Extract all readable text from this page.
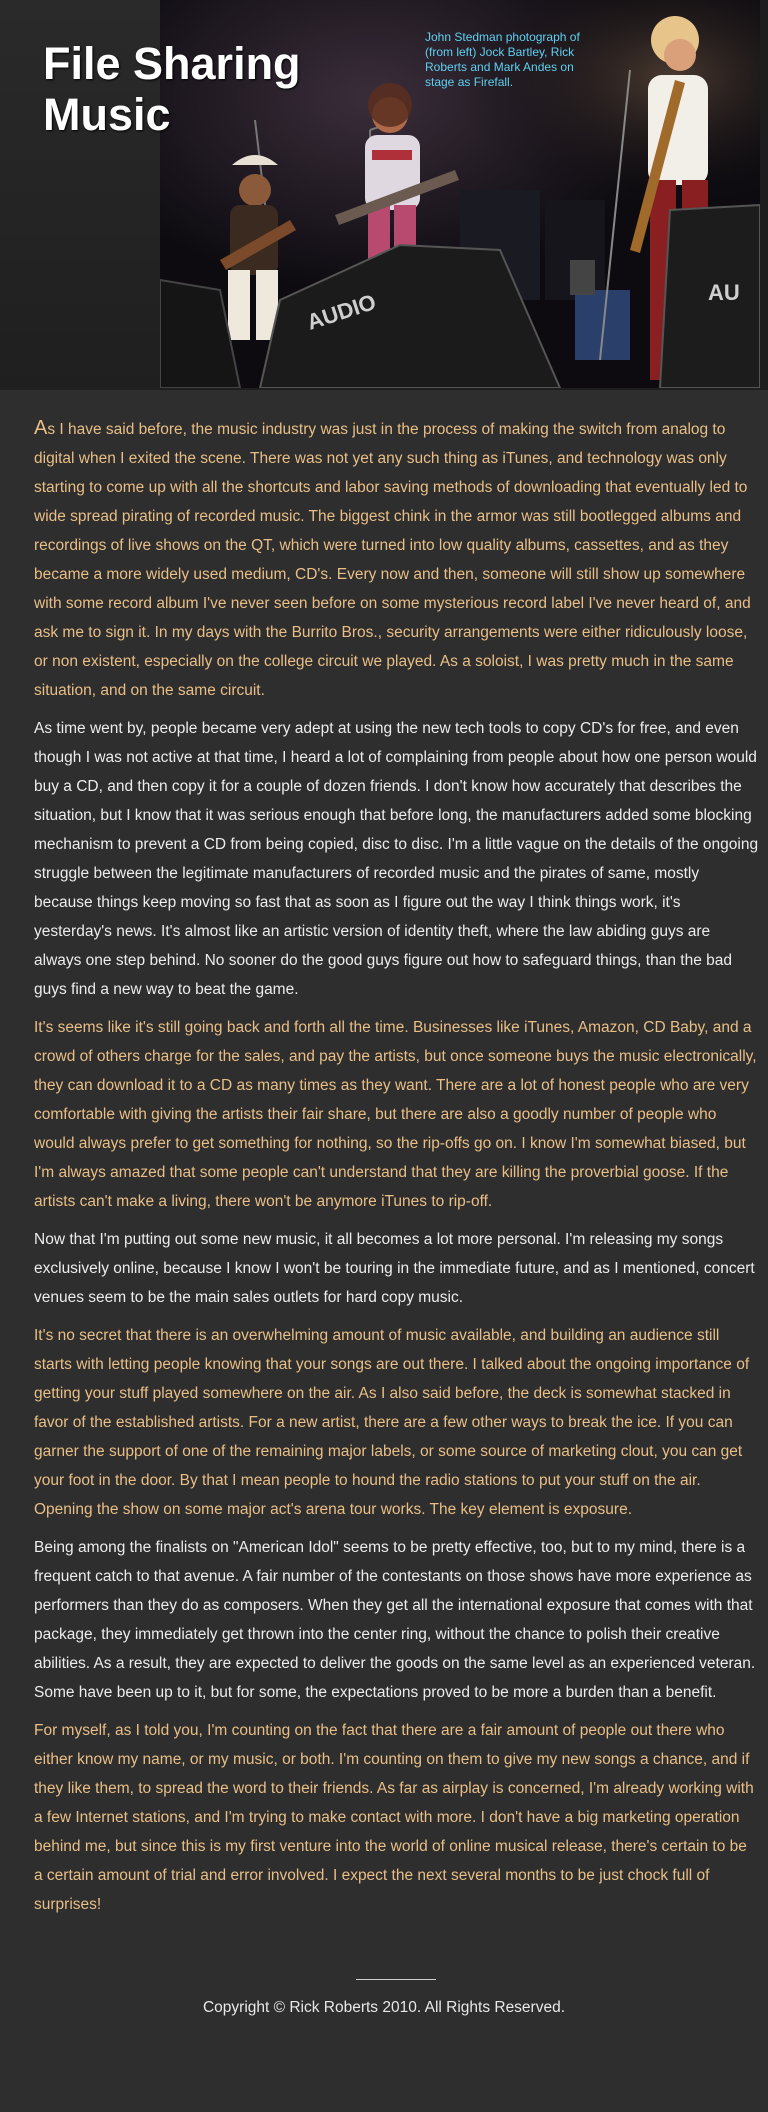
AUDIO	AU
File Sharing
Music
John Stedman photograph of (from left) Jock Bartley, Rick Roberts and Mark Andes on stage as Firefall.

As I have said before, the music industry was just in the process of making the switch from analog to digital when I exited the scene. There was not yet any such thing as iTunes, and technology was only starting to come up with all the shortcuts and labor saving methods of downloading that eventually led to wide spread pirating of recorded music. The biggest chink in the armor was still bootlegged albums and recordings of live shows on the QT, which were turned into low quality albums, cassettes, and as they became a more widely used medium, CD's. Every now and then, someone will still show up somewhere with some record album I've never seen before on some mysterious record label I've never heard of, and ask me to sign it. In my days with the Burrito Bros., security arrangements were either ridiculously loose, or non existent, especially on the college circuit we played. As a soloist, I was pretty much in the same situation, and on the same circuit.

As time went by, people became very adept at using the new tech tools to copy CD's for free, and even though I was not active at that time, I heard a lot of complaining from people about how one person would buy a CD, and then copy it for a couple of dozen friends. I don't know how accurately that describes the situation, but I know that it was serious enough that before long, the manufacturers added some blocking mechanism to prevent a CD from being copied, disc to disc. I'm a little vague on the details of the ongoing struggle between the legitimate manufacturers of recorded music and the pirates of same, mostly because things keep moving so fast that as soon as I figure out the way I think things work, it's yesterday's news. It's almost like an artistic version of identity theft, where the law abiding guys are always one step behind. No sooner do the good guys figure out how to safeguard things, than the bad guys find a new way to beat the game.

It's seems like it's still going back and forth all the time. Businesses like iTunes, Amazon, CD Baby, and a crowd of others charge for the sales, and pay the artists, but once someone buys the music electronically, they can download it to a CD as many times as they want. There are a lot of honest people who are very comfortable with giving the artists their fair share, but there are also a goodly number of people who would always prefer to get something for nothing, so the rip-offs go on. I know I'm somewhat biased, but I'm always amazed that some people can't understand that they are killing the proverbial goose. If the artists can't make a living, there won't be anymore iTunes to rip-off.

Now that I'm putting out some new music, it all becomes a lot more personal. I'm releasing my songs exclusively online, because I know I won't be touring in the immediate future, and as I mentioned, concert venues seem to be the main sales outlets for hard copy music.

It's no secret that there is an overwhelming amount of music available, and building an audience still starts with letting people knowing that your songs are out there. I talked about the ongoing importance of getting your stuff played somewhere on the air. As I also said before, the deck is somewhat stacked in favor of the established artists. For a new artist, there are a few other ways to break the ice. If you can garner the support of one of the remaining major labels, or some source of marketing clout, you can get your foot in the door. By that I mean people to hound the radio stations to put your stuff on the air. Opening the show on some major act's arena tour works. The key element is exposure.

Being among the finalists on "American Idol" seems to be pretty effective, too, but to my mind, there is a frequent catch to that avenue. A fair number of the contestants on those shows have more experience as performers than they do as composers. When they get all the international exposure that comes with that package, they immediately get thrown into the center ring, without the chance to polish their creative abilities. As a result, they are expected to deliver the goods on the same level as an experienced veteran. Some have been up to it, but for some, the expectations proved to be more a burden than a benefit.

For myself, as I told you, I'm counting on the fact that there are a fair amount of people out there who either know my name, or my music, or both. I'm counting on them to give my new songs a chance, and if they like them, to spread the word to their friends. As far as airplay is concerned, I'm already working with a few Internet stations, and I'm trying to make contact with more. I don't have a big marketing operation behind me, but since this is my first venture into the world of online musical release, there's certain to be a certain amount of trial and error involved. I expect the next several months to be just chock full of surprises!

Copyright © Rick Roberts 2010. All Rights Reserved.
